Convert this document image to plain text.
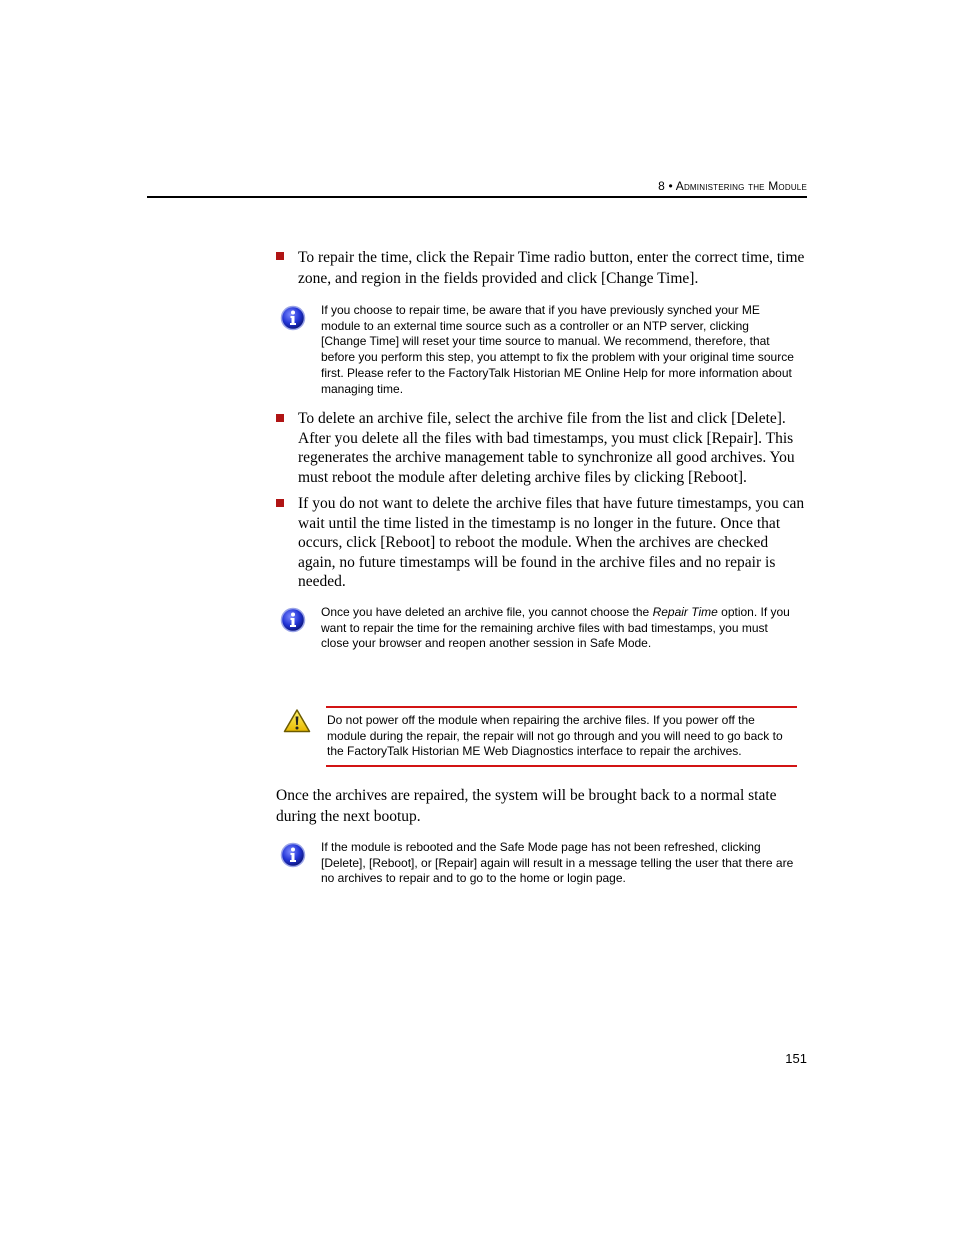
8 • Administering the Module
To repair the time, click the Repair Time radio button, enter the correct time, time zone, and region in the fields provided and click [Change Time].
If you choose to repair time, be aware that if you have previously synched your ME module to an external time source such as a controller or an NTP server, clicking [Change Time] will reset your time source to manual. We recommend, therefore, that before you perform this step, you attempt to fix the problem with your original time source first. Please refer to the FactoryTalk Historian ME Online Help for more information about managing time.
To delete an archive file, select the archive file from the list and click [Delete]. After you delete all the files with bad timestamps, you must click [Repair]. This regenerates the archive management table to synchronize all good archives. You must reboot the module after deleting archive files by clicking [Reboot].
If you do not want to delete the archive files that have future timestamps, you can wait until the time listed in the timestamp is no longer in the future. Once that occurs, click [Reboot] to reboot the module. When the archives are checked again, no future timestamps will be found in the archive files and no repair is needed.
Once you have deleted an archive file, you cannot choose the Repair Time option. If you want to repair the time for the remaining archive files with bad timestamps, you must close your browser and reopen another session in Safe Mode.
Do not power off the module when repairing the archive files. If you power off the module during the repair, the repair will not go through and you will need to go back to the FactoryTalk Historian ME Web Diagnostics interface to repair the archives.
Once the archives are repaired, the system will be brought back to a normal state during the next bootup.
If the module is rebooted and the Safe Mode page has not been refreshed, clicking [Delete], [Reboot], or [Repair] again will result in a message telling the user that there are no archives to repair and to go to the home or login page.
151
